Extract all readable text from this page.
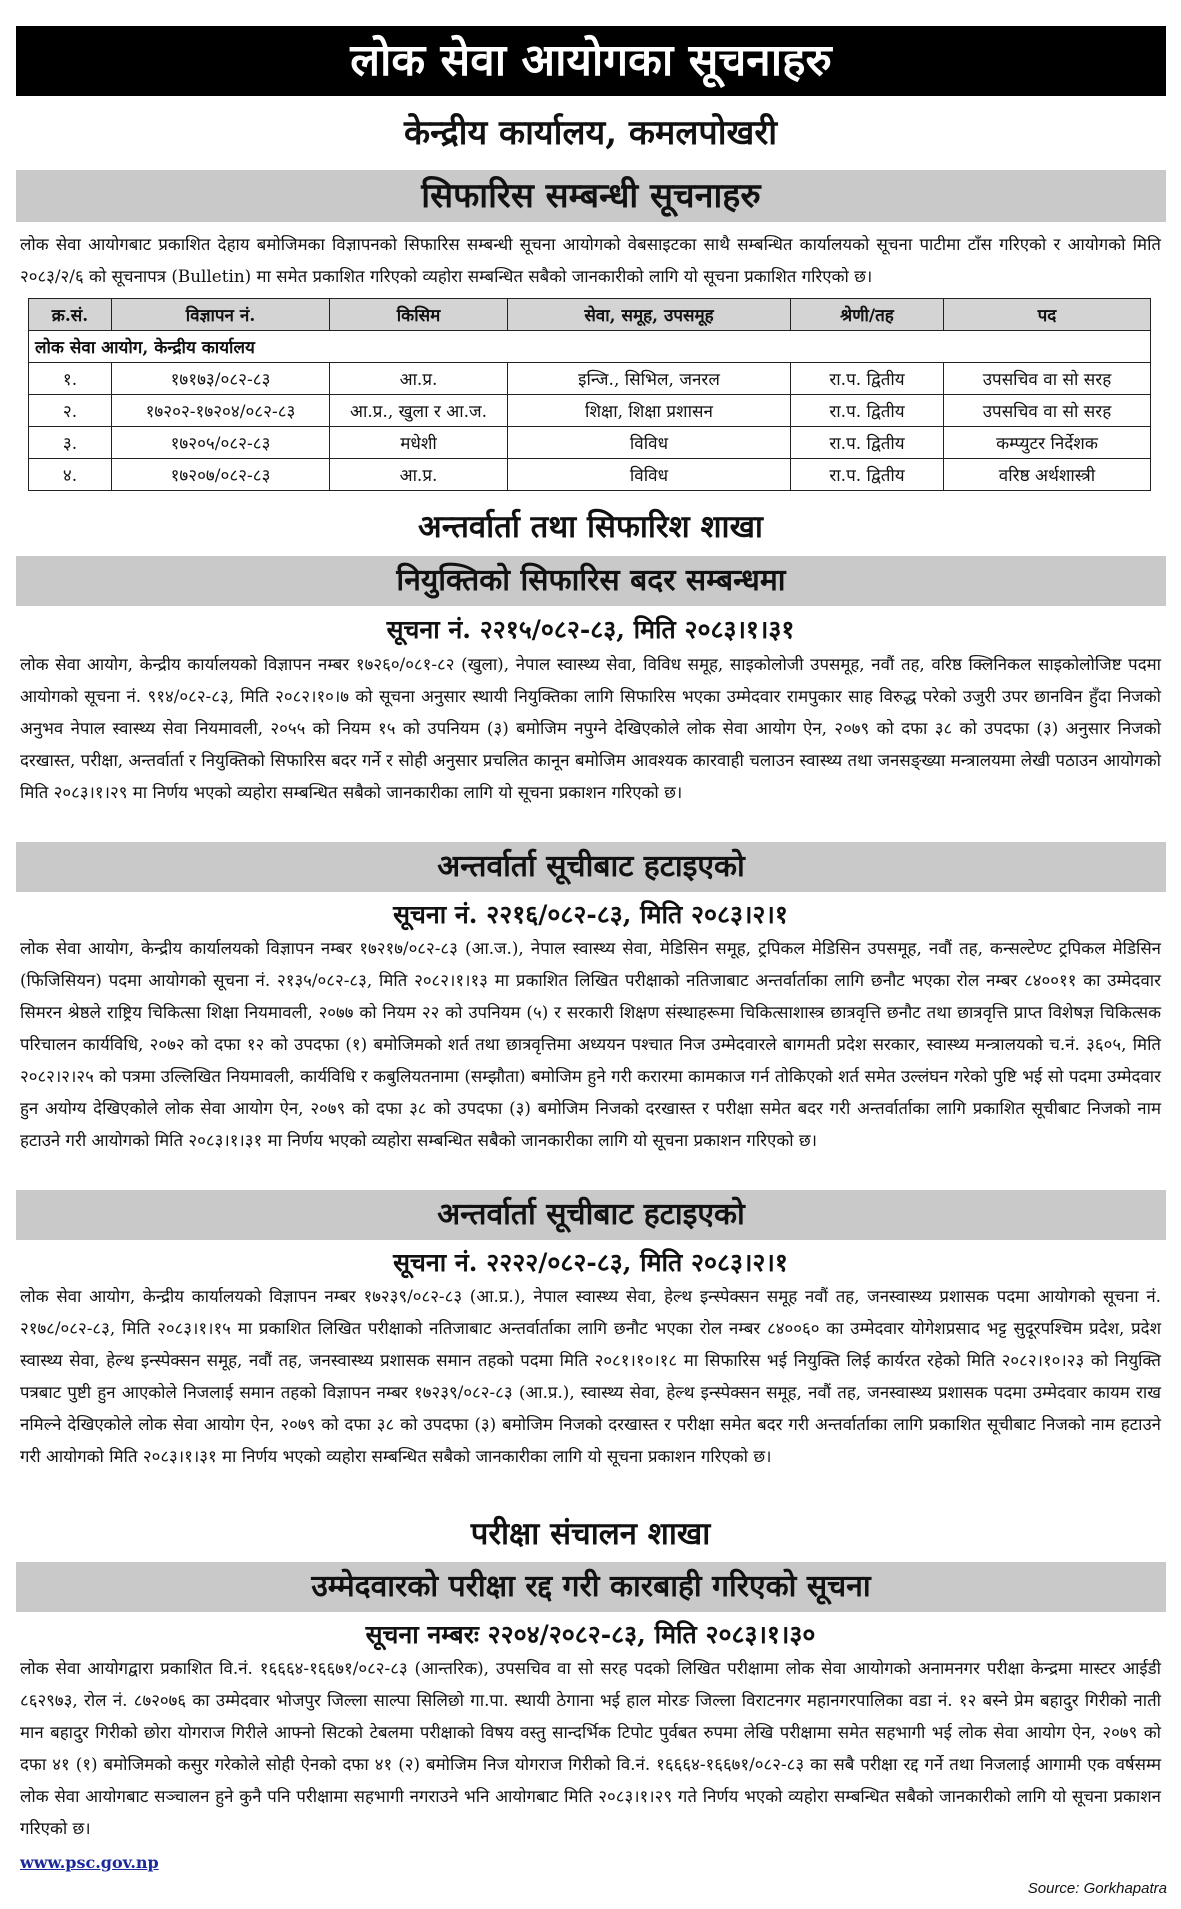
लोक सेवा आयोगका सूचनाहरु
केन्द्रीय कार्यालय, कमलपोखरी
सिफारिस सम्बन्धी सूचनाहरु

लोक सेवा आयोगबाट प्रकाशित देहाय बमोजिमका विज्ञापनको सिफारिस सम्बन्धी सूचना आयोगको वेबसाइटका साथै सम्बन्धित कार्यालयको सूचना पाटीमा टाँस गरिएको र आयोगको मिति २०८३/२/६ को सूचनापत्र (Bulletin) मा समेत प्रकाशित गरिएको व्यहोरा सम्बन्धित सबैको जानकारीको लागि यो सूचना प्रकाशित गरिएको छ।

क्र.सं.	विज्ञापन नं.	किसिम	सेवा, समूह, उपसमूह	श्रेणी/तह	पद
लोक सेवा आयोग, केन्द्रीय कार्यालय					
१.	१७१७३/०८२-८३	आ.प्र.	इन्जि., सिभिल, जनरल	रा.प. द्वितीय	उपसचिव वा सो सरह
२.	१७२०२-१७२०४/०८२-८३	आ.प्र., खुला र आ.ज.	शिक्षा, शिक्षा प्रशासन	रा.प. द्वितीय	उपसचिव वा सो सरह
३.	१७२०५/०८२-८३	मधेशी	विविध	रा.प. द्वितीय	कम्प्युटर निर्देशक
४.	१७२०७/०८२-८३	आ.प्र.	विविध	रा.प. द्वितीय	वरिष्ठ अर्थशास्त्री
अन्तर्वार्ता तथा सिफारिश शाखा
नियुक्तिको सिफारिस बदर सम्बन्धमा
सूचना नं. २२१५/०८२-८३, मिति २०८३।१।३१

लोक सेवा आयोग, केन्द्रीय कार्यालयको विज्ञापन नम्बर १७२६०/०८१-८२ (खुला), नेपाल स्वास्थ्य सेवा, विविध समूह, साइकोलोजी उपसमूह, नवौं तह, वरिष्ठ क्लिनिकल साइकोलोजिष्ट पदमा आयोगको सूचना नं. ९१४/०८२-८३, मिति २०८२।१०।७ को सूचना अनुसार स्थायी नियुक्तिका लागि सिफारिस भएका उम्मेदवार रामपुकार साह विरुद्ध परेको उजुरी उपर छानविन हुँदा निजको अनुभव नेपाल स्वास्थ्य सेवा नियमावली, २०५५ को नियम १५ को उपनियम (३) बमोजिम नपुग्ने देखिएकोले लोक सेवा आयोग ऐन, २०७९ को दफा ३८ को उपदफा (३) अनुसार निजको दरखास्त, परीक्षा, अन्तर्वार्ता र नियुक्तिको सिफारिस बदर गर्ने र सोही अनुसार प्रचलित कानून बमोजिम आवश्यक कारवाही चलाउन स्वास्थ्य तथा जनसङ्ख्या मन्त्रालयमा लेखी पठाउन आयोगको मिति २०८३।१।२९ मा निर्णय भएको व्यहोरा सम्बन्धित सबैको जानकारीका लागि यो सूचना प्रकाशन गरिएको छ।

अन्तर्वार्ता सूचीबाट हटाइएको
सूचना नं. २२१६/०८२-८३, मिति २०८३।२।१

लोक सेवा आयोग, केन्द्रीय कार्यालयको विज्ञापन नम्बर १७२१७/०८२-८३ (आ.ज.), नेपाल स्वास्थ्य सेवा, मेडिसिन समूह, ट्रपिकल मेडिसिन उपसमूह, नवौं तह, कन्सल्टेण्ट ट्रपिकल मेडिसिन (फिजिसियन) पदमा आयोगको सूचना नं. २१३५/०८२-८३, मिति २०८२।१।१३ मा प्रकाशित लिखित परीक्षाको नतिजाबाट अन्तर्वार्ताका लागि छनौट भएका रोल नम्बर ८४००११ का उम्मेदवार सिमरन श्रेष्ठले राष्ट्रिय चिकित्सा शिक्षा नियमावली, २०७७ को नियम २२ को उपनियम (५) र सरकारी शिक्षण संस्थाहरूमा चिकित्साशास्त्र छात्रवृत्ति छनौट तथा छात्रवृत्ति प्राप्त विशेषज्ञ चिकित्सक परिचालन कार्यविधि, २०७२ को दफा १२ को उपदफा (१) बमोजिमको शर्त तथा छात्रवृत्तिमा अध्ययन पश्चात निज उम्मेदवारले बागमती प्रदेश सरकार, स्वास्थ्य मन्त्रालयको च.नं. ३६०५, मिति २०८२।२।२५ को पत्रमा उल्लिखित नियमावली, कार्यविधि र कबुलियतनामा (सम्झौता) बमोजिम हुने गरी करारमा कामकाज गर्न तोकिएको शर्त समेत उल्लंघन गरेको पुष्टि भई सो पदमा उम्मेदवार हुन अयोग्य देखिएकोले लोक सेवा आयोग ऐन, २०७९ को दफा ३८ को उपदफा (३) बमोजिम निजको दरखास्त र परीक्षा समेत बदर गरी अन्तर्वार्ताका लागि प्रकाशित सूचीबाट निजको नाम हटाउने गरी आयोगको मिति २०८३।१।३१ मा निर्णय भएको व्यहोरा सम्बन्धित सबैको जानकारीका लागि यो सूचना प्रकाशन गरिएको छ।

अन्तर्वार्ता सूचीबाट हटाइएको
सूचना नं. २२२२/०८२-८३, मिति २०८३।२।१

लोक सेवा आयोग, केन्द्रीय कार्यालयको विज्ञापन नम्बर १७२३९/०८२-८३ (आ.प्र.), नेपाल स्वास्थ्य सेवा, हेल्थ इन्स्पेक्सन समूह नवौं तह, जनस्वास्थ्य प्रशासक पदमा आयोगको सूचना नं. २१७८/०८२-८३, मिति २०८३।१।१५ मा प्रकाशित लिखित परीक्षाको नतिजाबाट अन्तर्वार्ताका लागि छनौट भएका रोल नम्बर ८४००६० का उम्मेदवार योगेशप्रसाद भट्ट सुदूरपश्चिम प्रदेश, प्रदेश स्वास्थ्य सेवा, हेल्थ इन्स्पेक्सन समूह, नवौं तह, जनस्वास्थ्य प्रशासक समान तहको पदमा मिति २०८१।१०।१८ मा सिफारिस भई नियुक्ति लिई कार्यरत रहेको मिति २०८२।१०।२३ को नियुक्ति पत्रबाट पुष्टी हुन आएकोले निजलाई समान तहको विज्ञापन नम्बर १७२३९/०८२-८३ (आ.प्र.), स्वास्थ्य सेवा, हेल्थ इन्स्पेक्सन समूह, नवौं तह, जनस्वास्थ्य प्रशासक पदमा उम्मेदवार कायम राख नमिल्ने देखिएकोले लोक सेवा आयोग ऐन, २०७९ को दफा ३८ को उपदफा (३) बमोजिम निजको दरखास्त र परीक्षा समेत बदर गरी अन्तर्वार्ताका लागि प्रकाशित सूचीबाट निजको नाम हटाउने गरी आयोगको मिति २०८३।१।३१ मा निर्णय भएको व्यहोरा सम्बन्धित सबैको जानकारीका लागि यो सूचना प्रकाशन गरिएको छ।

परीक्षा संचालन शाखा
उम्मेदवारको परीक्षा रद्द गरी कारबाही गरिएको सूचना
सूचना नम्बरः २२०४/२०८२-८३, मिति २०८३।१।३०

लोक सेवा आयोगद्वारा प्रकाशित वि.नं. १६६६४-१६६७१/०८२-८३ (आन्तरिक), उपसचिव वा सो सरह पदको लिखित परीक्षामा लोक सेवा आयोगको अनामनगर परीक्षा केन्द्रमा मास्टर आईडी ८६२९७३, रोल नं. ८७२०७६ का उम्मेदवार भोजपुर जिल्ला साल्पा सिलिछो गा.पा. स्थायी ठेगाना भई हाल मोरङ जिल्ला विराटनगर महानगरपालिका वडा नं. १२ बस्ने प्रेम बहादुर गिरीको नाती मान बहादुर गिरीको छोरा योगराज गिरीले आफ्नो सिटको टेबलमा परीक्षाको विषय वस्तु सान्दर्भिक टिपोट पुर्वबत रुपमा लेखि परीक्षामा समेत सहभागी भई लोक सेवा आयोग ऐन, २०७९ को दफा ४१ (१) बमोजिमको कसुर गरेकोले सोही ऐनको दफा ४१ (२) बमोजिम निज योगराज गिरीको वि.नं. १६६६४-१६६७१/०८२-८३ का सबै परीक्षा रद्द गर्ने तथा निजलाई आगामी एक वर्षसम्म लोक सेवा आयोगबाट सञ्चालन हुने कुनै पनि परीक्षामा सहभागी नगराउने भनि आयोगबाट मिति २०८३।१।२९ गते निर्णय भएको व्यहोरा सम्बन्धित सबैको जानकारीको लागि यो सूचना प्रकाशन गरिएको छ।

www.psc.gov.np
Source: Gorkhapatra
